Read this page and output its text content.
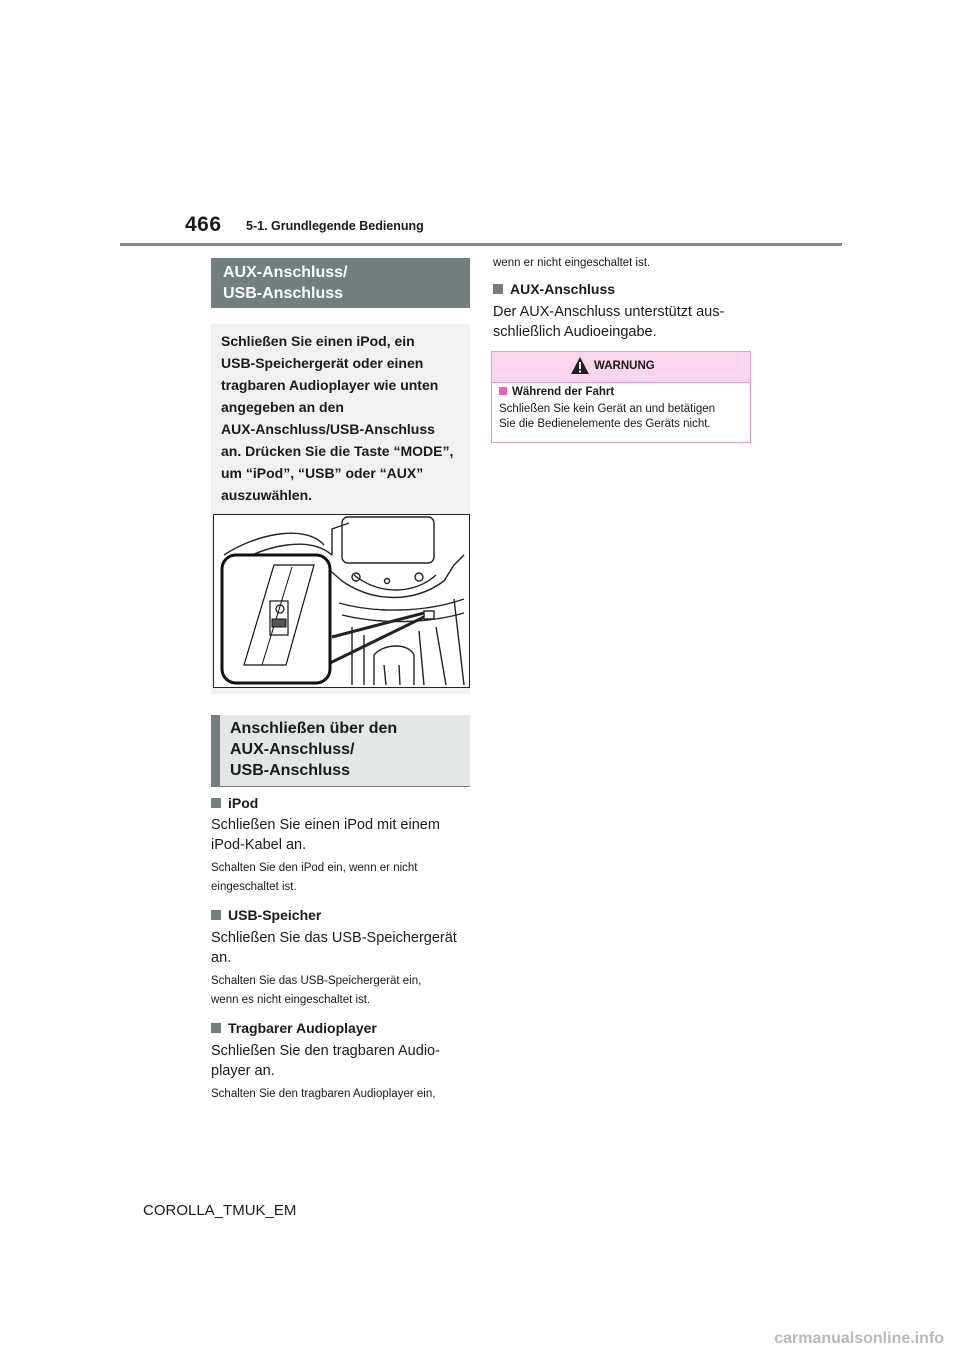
466 5-1. Grundlegende Bedienung
AUX-Anschluss/
USB-Anschluss

Schließen Sie einen iPod, ein
USB-Speichergerät oder einen
tragbaren Audioplayer wie unten
angegeben an den
AUX-Anschluss/USB-Anschluss
an. Drücken Sie die Taste “MODE”,
um “iPod”, “USB” oder “AUX”
auszuwählen.

Anschließen über den
AUX-Anschluss/
USB-Anschluss
iPod
Schließen Sie einen iPod mit einem
iPod-Kabel an.
Schalten Sie den iPod ein, wenn er nicht
eingeschaltet ist.
USB-Speicher
Schließen Sie das USB-Speichergerät
an.
Schalten Sie das USB-Speichergerät ein,
wenn es nicht eingeschaltet ist.
Tragbarer Audioplayer
Schließen Sie den tragbaren Audio-
player an.
Schalten Sie den tragbaren Audioplayer ein,
wenn er nicht eingeschaltet ist.
AUX-Anschluss
Der AUX-Anschluss unterstützt aus-
schließlich Audioeingabe.
WARNUNG
Während der Fahrt
Schließen Sie kein Gerät an und betätigen
Sie die Bedienelemente des Geräts nicht.
COROLLA_TMUK_EM
carmanualsonline.info
